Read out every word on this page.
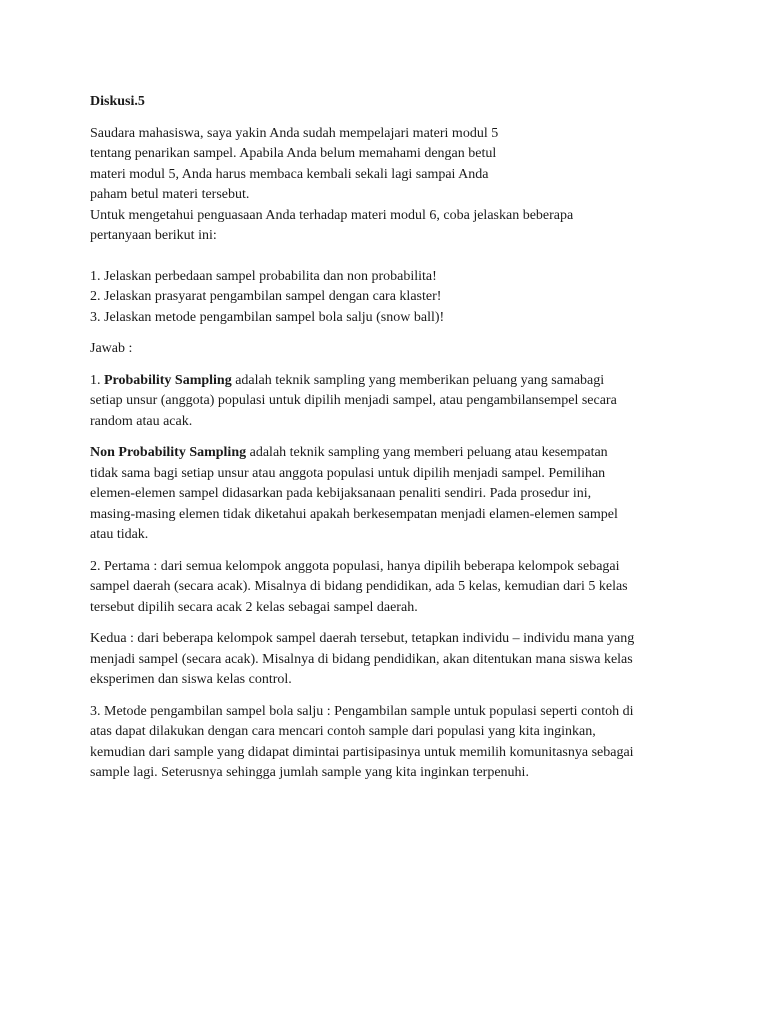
Diskusi.5
Saudara mahasiswa, saya yakin Anda sudah mempelajari materi modul 5
tentang penarikan sampel. Apabila Anda belum memahami dengan betul
materi modul 5, Anda harus membaca kembali sekali lagi sampai Anda
paham betul materi tersebut.
Untuk mengetahui penguasaan Anda terhadap materi modul 6, coba jelaskan beberapa
pertanyaan berikut ini:
1. Jelaskan perbedaan sampel probabilita dan non probabilita!
2. Jelaskan prasyarat pengambilan sampel dengan cara klaster!
3. Jelaskan metode pengambilan sampel bola salju (snow ball)!
Jawab :
1. Probability Sampling adalah teknik sampling yang memberikan peluang yang samabagi
setiap unsur (anggota) populasi untuk dipilih menjadi sampel, atau pengambilansempel secara
random atau acak.
Non Probability Sampling adalah teknik sampling yang memberi peluang atau kesempatan
tidak sama bagi setiap unsur atau anggota populasi untuk dipilih menjadi sampel. Pemilihan
elemen-elemen sampel didasarkan pada kebijaksanaan penaliti sendiri. Pada prosedur ini,
masing-masing elemen tidak diketahui apakah berkesempatan menjadi elamen-elemen sampel
atau tidak.
2. Pertama : dari semua kelompok anggota populasi, hanya dipilih beberapa kelompok sebagai
sampel daerah (secara acak). Misalnya di bidang pendidikan, ada 5 kelas, kemudian dari 5 kelas
tersebut dipilih secara acak 2 kelas sebagai sampel daerah.
Kedua : dari beberapa kelompok sampel daerah tersebut, tetapkan individu – individu mana yang
menjadi sampel (secara acak). Misalnya di bidang pendidikan, akan ditentukan mana siswa kelas
eksperimen dan siswa kelas control.
3. Metode pengambilan sampel bola salju : Pengambilan sample untuk populasi seperti contoh di
atas dapat dilakukan dengan cara mencari contoh sample dari populasi yang kita inginkan,
kemudian dari sample yang didapat dimintai partisipasinya untuk memilih komunitasnya sebagai
sample lagi. Seterusnya sehingga jumlah sample yang kita inginkan terpenuhi.
